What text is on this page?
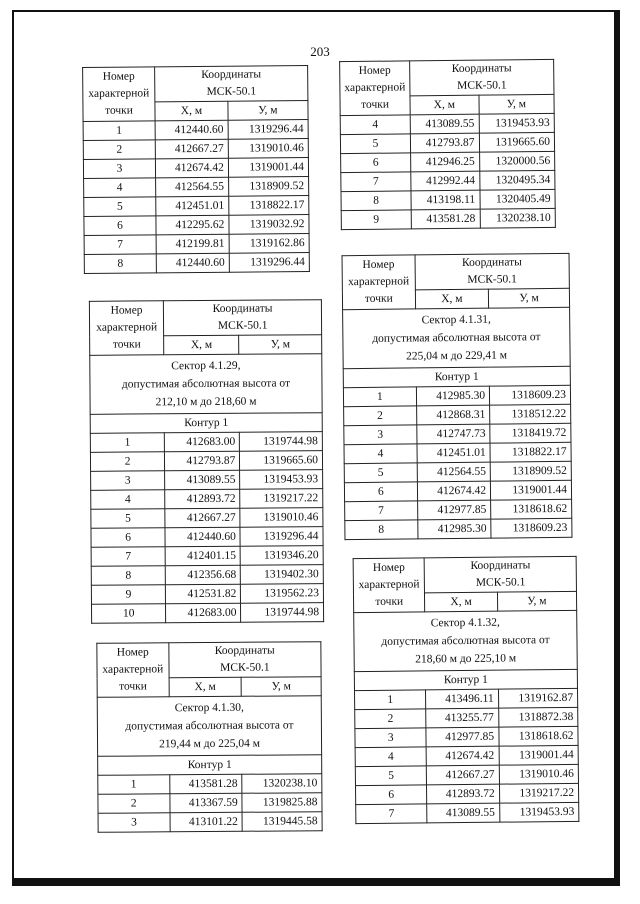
203
Номер
характерной
точки	Координаты
МСК-50.1	

	X, м	У, м
1	412440.60	1319296.44
2	412667.27	1319010.46
3	412674.42	1319001.44
4	412564.55	1318909.52
5	412451.01	1318822.17
6	412295.62	1319032.92
7	412199.81	1319162.86
8	412440.60	1319296.44
Номер
характерной
точки	Координаты
МСК-50.1	

	X, м	У, м
4	413089.55	1319453.93
5	412793.87	1319665.60
6	412946.25	1320000.56
7	412992.44	1320495.34
8	413198.11	1320405.49
9	413581.28	1320238.10
Номер
характерной
точки	Координаты
МСК-50.1	

	X, м	У, м

Сектор 4.1.29,
допустимая абсолютная высота от
212,10 м до 218,60 м		

Контур 1		
1	412683.00	1319744.98
2	412793.87	1319665.60
3	413089.55	1319453.93
4	412893.72	1319217.22
5	412667.27	1319010.46
6	412440.60	1319296.44
7	412401.15	1319346.20
8	412356.68	1319402.30
9	412531.82	1319562.23
10	412683.00	1319744.98
Номер
характерной
точки	Координаты
МСК-50.1	

	X, м	У, м

Сектор 4.1.31,
допустимая абсолютная высота от
225,04 м до 229,41 м		

Контур 1		
1	412985.30	1318609.23
2	412868.31	1318512.22
3	412747.73	1318419.72
4	412451.01	1318822.17
5	412564.55	1318909.52
6	412674.42	1319001.44
7	412977.85	1318618.62
8	412985.30	1318609.23
Номер
характерной
точки	Координаты
МСК-50.1	

	X, м	У, м

Сектор 4.1.30,
допустимая абсолютная высота от
219,44 м до 225,04 м		

Контур 1		
1	413581.28	1320238.10
2	413367.59	1319825.88
3	413101.22	1319445.58
Номер
характерной
точки	Координаты
МСК-50.1	

	X, м	У, м

Сектор 4.1.32,
допустимая абсолютная высота от
218,60 м до 225,10 м		

Контур 1		
1	413496.11	1319162.87
2	413255.77	1318872.38
3	412977.85	1318618.62
4	412674.42	1319001.44
5	412667.27	1319010.46
6	412893.72	1319217.22
7	413089.55	1319453.93
